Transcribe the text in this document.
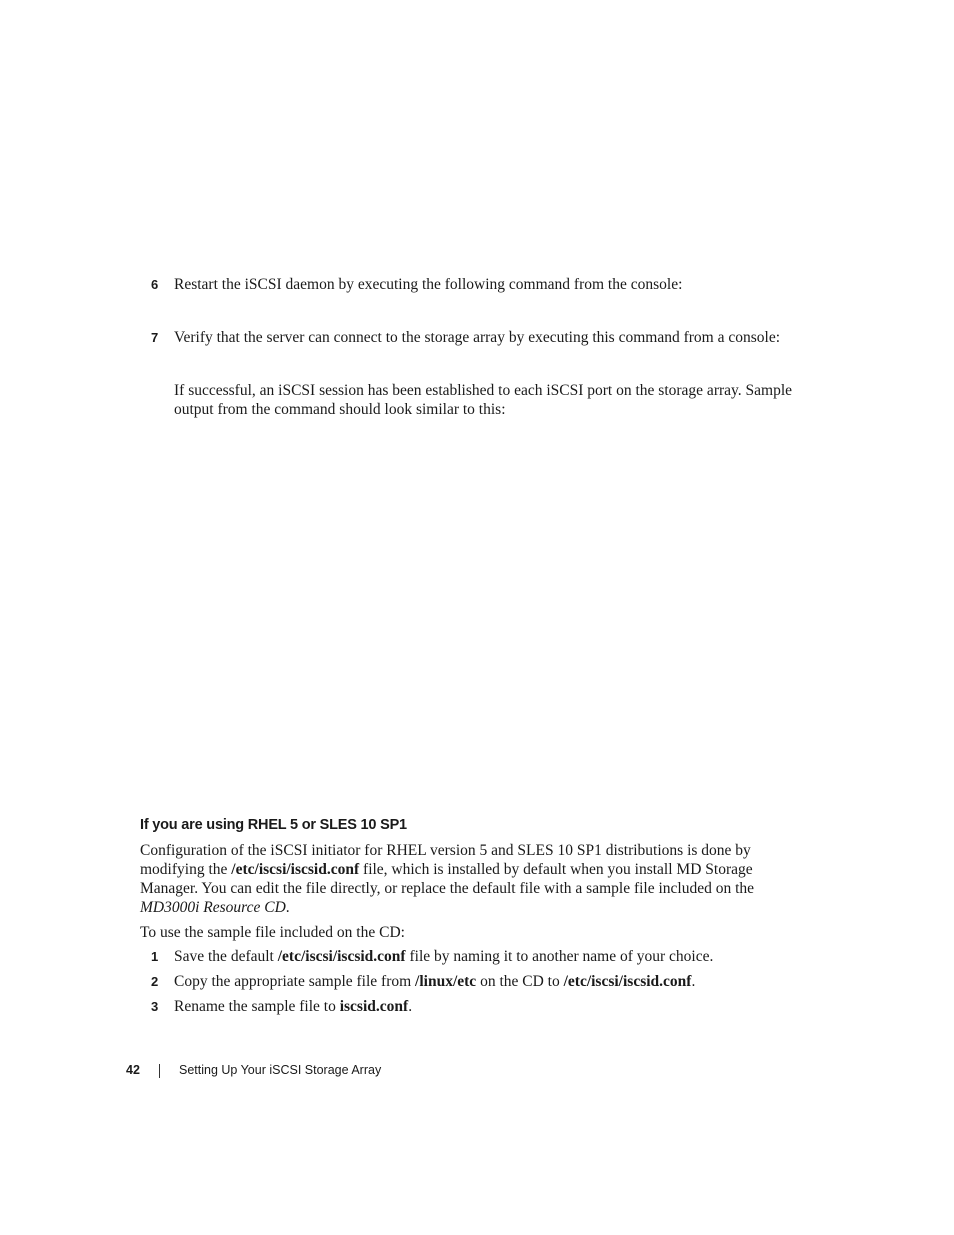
6 Restart the iSCSI daemon by executing the following command from the console:
7 Verify that the server can connect to the storage array by executing this command from a console:
If successful, an iSCSI session has been established to each iSCSI port on the storage array. Sample
output from the command should look similar to this:
If you are using RHEL 5 or SLES 10 SP1
Configuration of the iSCSI initiator for RHEL version 5 and SLES 10 SP1 distributions is done by
modifying the /etc/iscsi/iscsid.conf file, which is installed by default when you install MD Storage
Manager. You can edit the file directly, or replace the default file with a sample file included on the
MD3000i Resource CD.
To use the sample file included on the CD:
1 Save the default /etc/iscsi/iscsid.conf file by naming it to another name of your choice.
2 Copy the appropriate sample file from /linux/etc on the CD to /etc/iscsi/iscsid.conf.
3 Rename the sample file to iscsid.conf.
42	Setting Up Your iSCSI Storage Array
